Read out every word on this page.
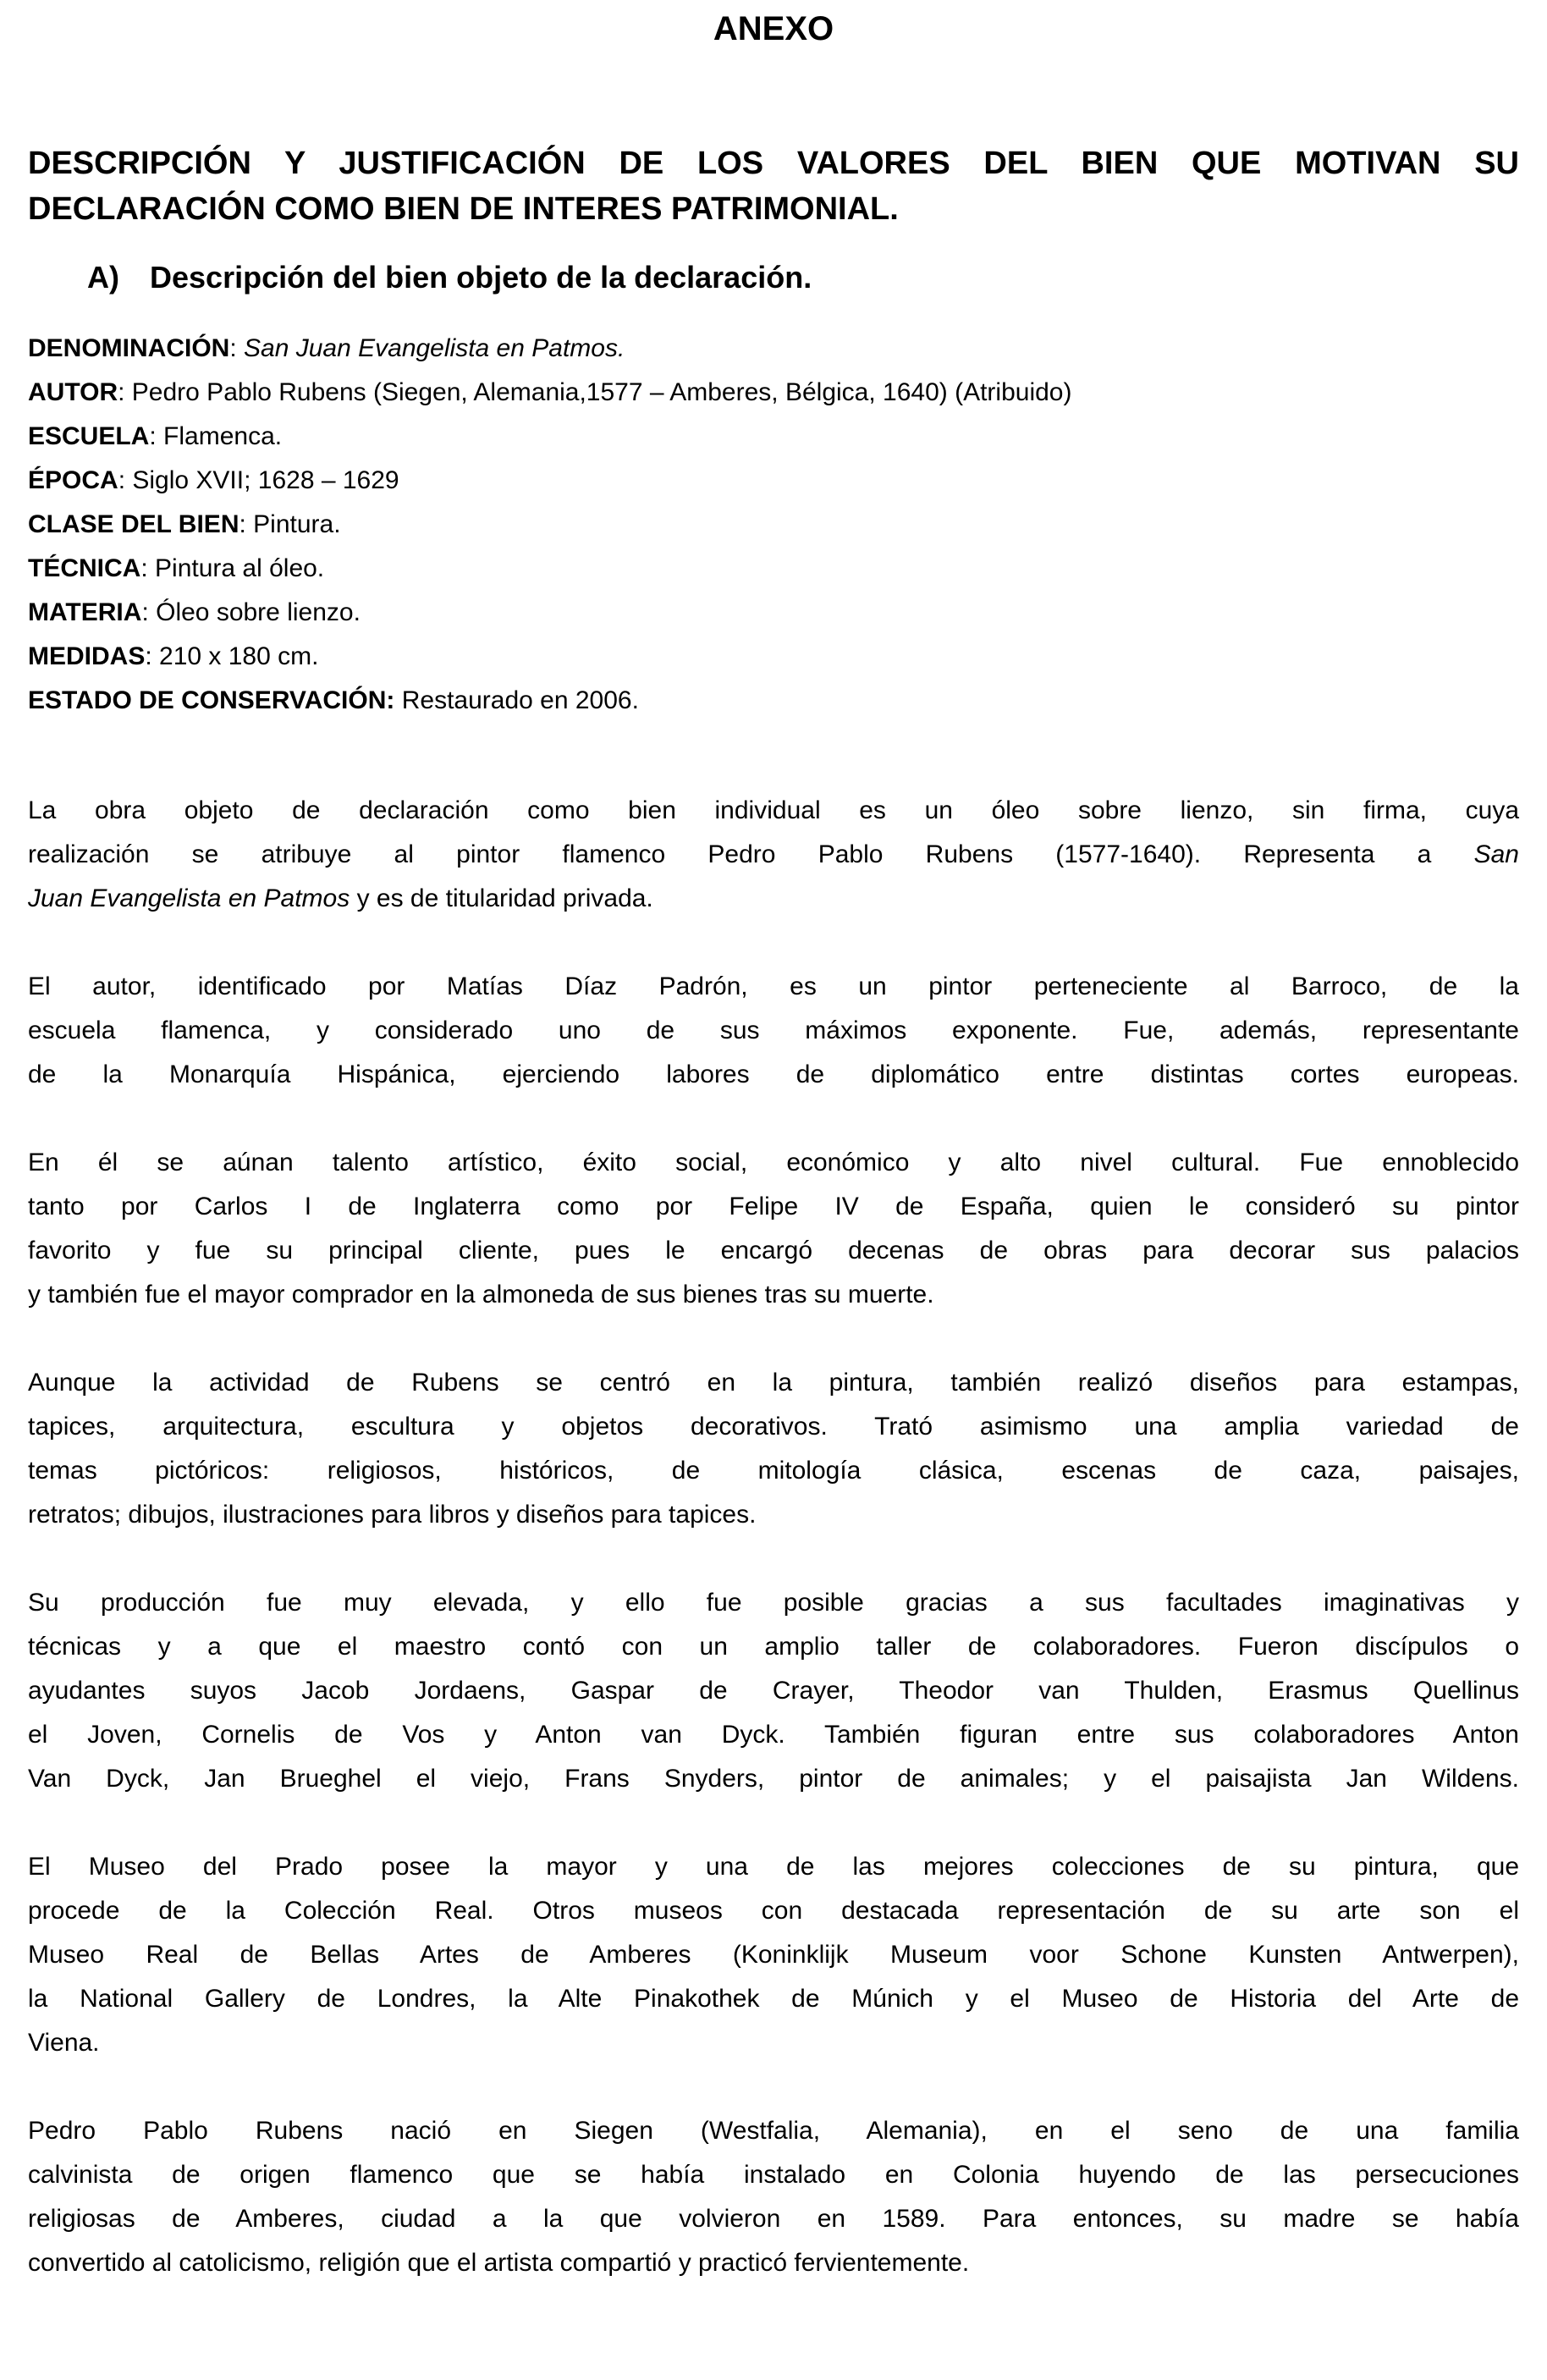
ANEXO
DESCRIPCIÓN Y JUSTIFICACIÓN DE LOS VALORES DEL BIEN QUE MOTIVAN SU
DECLARACIÓN COMO BIEN DE INTERES PATRIMONIAL.
A) Descripción del bien objeto de la declaración.
DENOMINACIÓN: San Juan Evangelista en Patmos.
AUTOR: Pedro Pablo Rubens (Siegen, Alemania,1577 – Amberes, Bélgica, 1640) (Atribuido)
ESCUELA: Flamenca.
ÉPOCA: Siglo XVII; 1628 – 1629
CLASE DEL BIEN: Pintura.
TÉCNICA: Pintura al óleo.
MATERIA: Óleo sobre lienzo.
MEDIDAS: 210 x 180 cm.
ESTADO DE CONSERVACIÓN: Restaurado en 2006.
La obra objeto de declaración como bien individual es un óleo sobre lienzo, sin firma, cuya
realización se atribuye al pintor flamenco Pedro Pablo Rubens (1577-1640). Representa a San
Juan Evangelista en Patmos y es de titularidad privada.
El autor, identificado por Matías Díaz Padrón, es un pintor perteneciente al Barroco, de la
escuela flamenca, y considerado uno de sus máximos exponente. Fue, además, representante
de la Monarquía Hispánica, ejerciendo labores de diplomático entre distintas cortes europeas.
En él se aúnan talento artístico, éxito social, económico y alto nivel cultural. Fue ennoblecido
tanto por Carlos I de Inglaterra como por Felipe IV de España, quien le consideró su pintor
favorito y fue su principal cliente, pues le encargó decenas de obras para decorar sus palacios
y también fue el mayor comprador en la almoneda de sus bienes tras su muerte.
Aunque la actividad de Rubens se centró en la pintura, también realizó diseños para estampas,
tapices, arquitectura, escultura y objetos decorativos. Trató asimismo una amplia variedad de
temas pictóricos: religiosos, históricos, de mitología clásica, escenas de caza, paisajes,
retratos; dibujos, ilustraciones para libros y diseños para tapices.
Su producción fue muy elevada, y ello fue posible gracias a sus facultades imaginativas y
técnicas y a que el maestro contó con un amplio taller de colaboradores. Fueron discípulos o
ayudantes suyos Jacob Jordaens, Gaspar de Crayer, Theodor van Thulden, Erasmus Quellinus
el Joven, Cornelis de Vos y Anton van Dyck. También figuran entre sus colaboradores Anton
Van Dyck, Jan Brueghel el viejo, Frans Snyders, pintor de animales; y el paisajista Jan Wildens.
El Museo del Prado posee la mayor y una de las mejores colecciones de su pintura, que
procede de la Colección Real. Otros museos con destacada representación de su arte son el
Museo Real de Bellas Artes de Amberes (Koninklijk Museum voor Schone Kunsten Antwerpen),
la National Gallery de Londres, la Alte Pinakothek de Múnich y el Museo de Historia del Arte de
Viena.
Pedro Pablo Rubens nació en Siegen (Westfalia, Alemania), en el seno de una familia
calvinista de origen flamenco que se había instalado en Colonia huyendo de las persecuciones
religiosas de Amberes, ciudad a la que volvieron en 1589. Para entonces, su madre se había
convertido al catolicismo, religión que el artista compartió y practicó fervientemente.
